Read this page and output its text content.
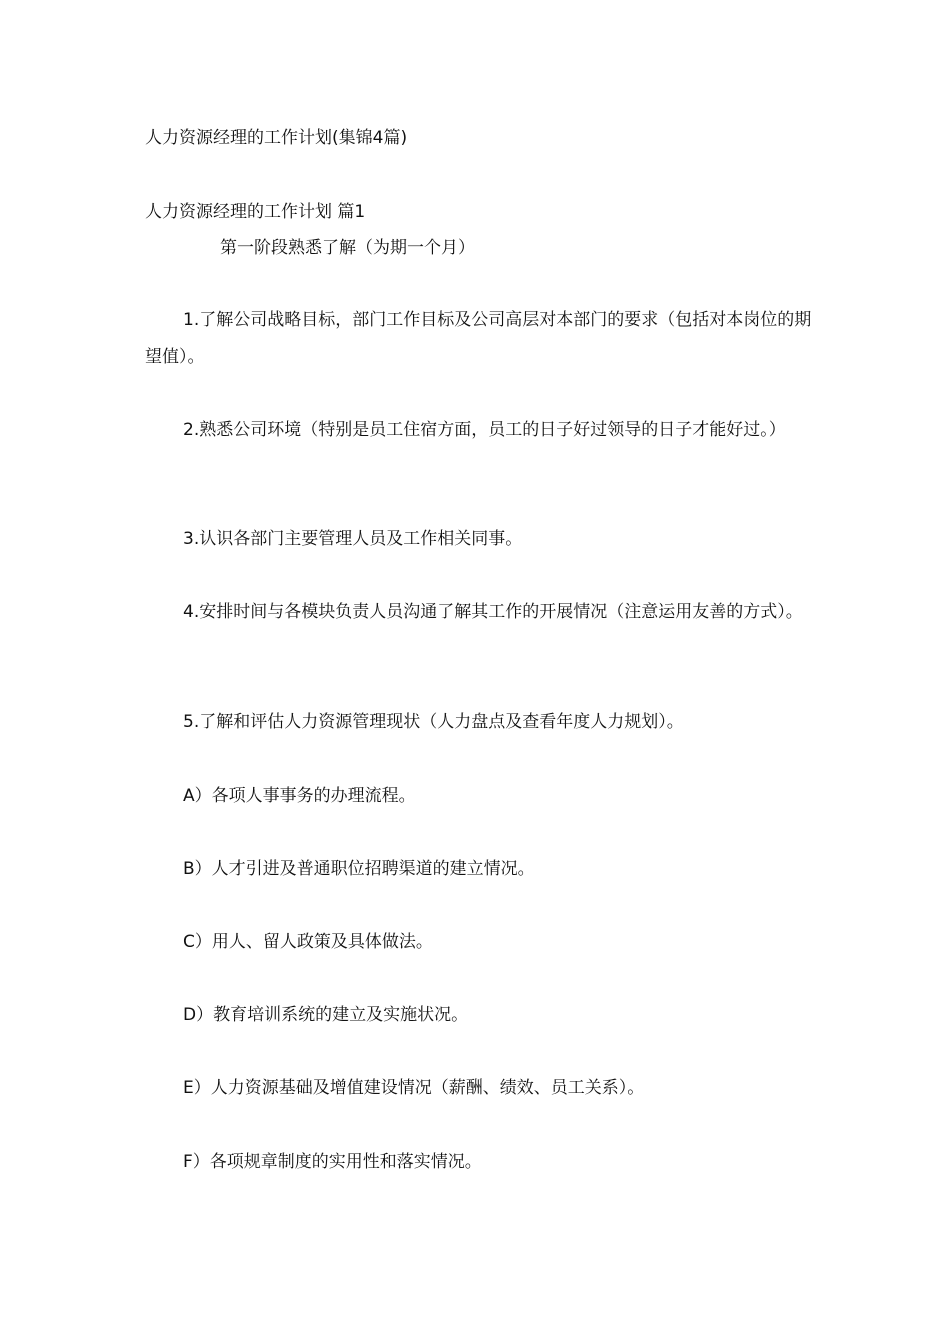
人力资源经理的工作计划(集锦4篇)
人力资源经理的工作计划 篇1
第一阶段熟悉了解（为期一个月）
1.了解公司战略目标，部门工作目标及公司高层对本部门的要求（包括对本岗位的期望值）。
2.熟悉公司环境（特别是员工住宿方面，员工的日子好过领导的日子才能好过。）
3.认识各部门主要管理人员及工作相关同事。
4.安排时间与各模块负责人员沟通了解其工作的开展情况（注意运用友善的方式）。
5.了解和评估人力资源管理现状（人力盘点及查看年度人力规划）。
A）各项人事事务的办理流程。
B）人才引进及普通职位招聘渠道的建立情况。
C）用人、留人政策及具体做法。
D）教育培训系统的建立及实施状况。
E）人力资源基础及增值建设情况（薪酬、绩效、员工关系）。
F）各项规章制度的实用性和落实情况。
